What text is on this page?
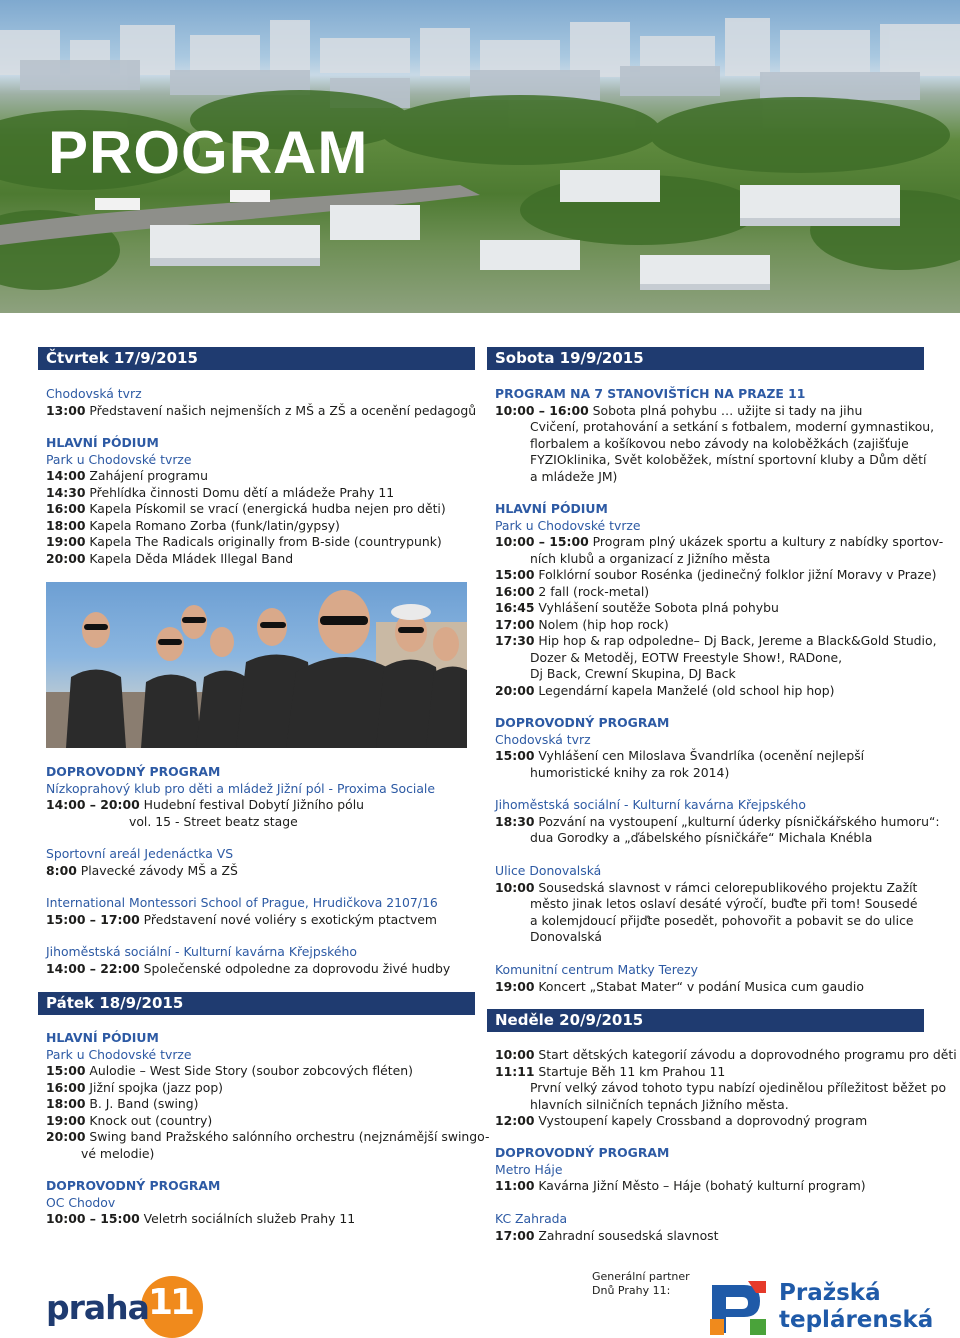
PROGRAM
Čtvrtek 17/9/2015
Chodovská tvrz
13:00 Představení našich nejmenších z MŠ a ZŠ a ocenění pedagogů
HLAVNÍ PÓDIUM
Park u Chodovské tvrze
14:00 Zahájení programu
14:30 Přehlídka činnosti Domu dětí a mládeže Prahy 11
16:00 Kapela Pískomil se vrací (energická hudba nejen pro děti)
18:00 Kapela Romano Zorba (funk/latin/gypsy)
19:00 Kapela The Radicals originally from B-side (countrypunk)
20:00 Kapela Děda Mládek Illegal Band
DOPROVODNÝ PROGRAM
Nízkoprahový klub pro děti a mládež Jižní pól - Proxima Sociale
14:00 – 20:00 Hudební festival Dobytí Jižního pólu
vol. 15 - Street beatz stage
Sportovní areál Jedenáctka VS
8:00 Plavecké závody MŠ a ZŠ
International Montessori School of Prague, Hrudičkova 2107/16
15:00 – 17:00 Představení nové voliéry s exotickým ptactvem
Jihoměstská sociální - Kulturní kavárna Křejpského
14:00 – 22:00 Společenské odpoledne za doprovodu živé hudby
Pátek 18/9/2015
HLAVNÍ PÓDIUM
Park u Chodovské tvrze
15:00 Aulodie – West Side Story (soubor zobcových fléten)
16:00 Jižní spojka (jazz pop)
18:00 B. J. Band (swing)
19:00 Knock out (country)
20:00 Swing band Pražského salónního orchestru (nejznámější swingo-
vé melodie)
DOPROVODNÝ PROGRAM
OC Chodov
10:00 – 15:00 Veletrh sociálních služeb Prahy 11
Sobota 19/9/2015
PROGRAM NA 7 STANOVIŠTÍCH NA PRAZE 11
10:00 – 16:00 Sobota plná pohybu … užijte si tady na jihu
Cvičení, protahování a setkání s fotbalem, moderní gymnastikou,
florbalem a košíkovou nebo závody na koloběžkách (zajišťuje
FYZIOklinika, Svět koloběžek, místní sportovní kluby a Dům dětí
a mládeže JM)
HLAVNÍ PÓDIUM
Park u Chodovské tvrze
10:00 – 15:00 Program plný ukázek sportu a kultury z nabídky sportov-
ních klubů a organizací z Jižního města
15:00 Folklórní soubor Rosénka (jedinečný folklor jižní Moravy v Praze)
16:00 2 fall (rock-metal)
16:45 Vyhlášení soutěže Sobota plná pohybu
17:00 Nolem (hip hop rock)
17:30 Hip hop & rap odpoledne– Dj Back, Jereme a Black&Gold Studio,
Dozer & Metoděj, EOTW Freestyle Show!, RADone,
Dj Back, Crewní Skupina, DJ Back
20:00 Legendární kapela Manželé (old school hip hop)
DOPROVODNÝ PROGRAM
Chodovská tvrz
15:00 Vyhlášení cen Miloslava Švandrlíka (ocenění nejlepší
humoristické knihy za rok 2014)
Jihoměstská sociální - Kulturní kavárna Křejpského
18:30 Pozvání na vystoupení „kulturní úderky písničkářského humoru“:
dua Gorodky a „ďábelského písničkáře“ Michala Knébla
Ulice Donovalská
10:00 Sousedská slavnost v rámci celorepublikového projektu Zažít
město jinak letos oslaví desáté výročí, buďte při tom! Sousedé
a kolemjdoucí přijďte posedět, pohovořit a pobavit se do ulice
Donovalská
Komunitní centrum Matky Terezy
19:00 Koncert „Stabat Mater“ v podání Musica cum gaudio
Neděle 20/9/2015
10:00 Start dětských kategorií závodu a doprovodného programu pro děti
11:11 Startuje Běh 11 km Prahou 11
První velký závod tohoto typu nabízí ojedinělou příležitost běžet po
hlavních silničních tepnách Jižního města.
12:00 Vystoupení kapely Crossband a doprovodný program
DOPROVODNÝ PROGRAM
Metro Háje
11:00 Kavárna Jižní Město – Háje (bohatý kulturní program)
KC Zahrada
17:00 Zahradní sousedská slavnost
praha 11
Generální partner
Dnů Prahy 11:	Pražská
teplárenská
